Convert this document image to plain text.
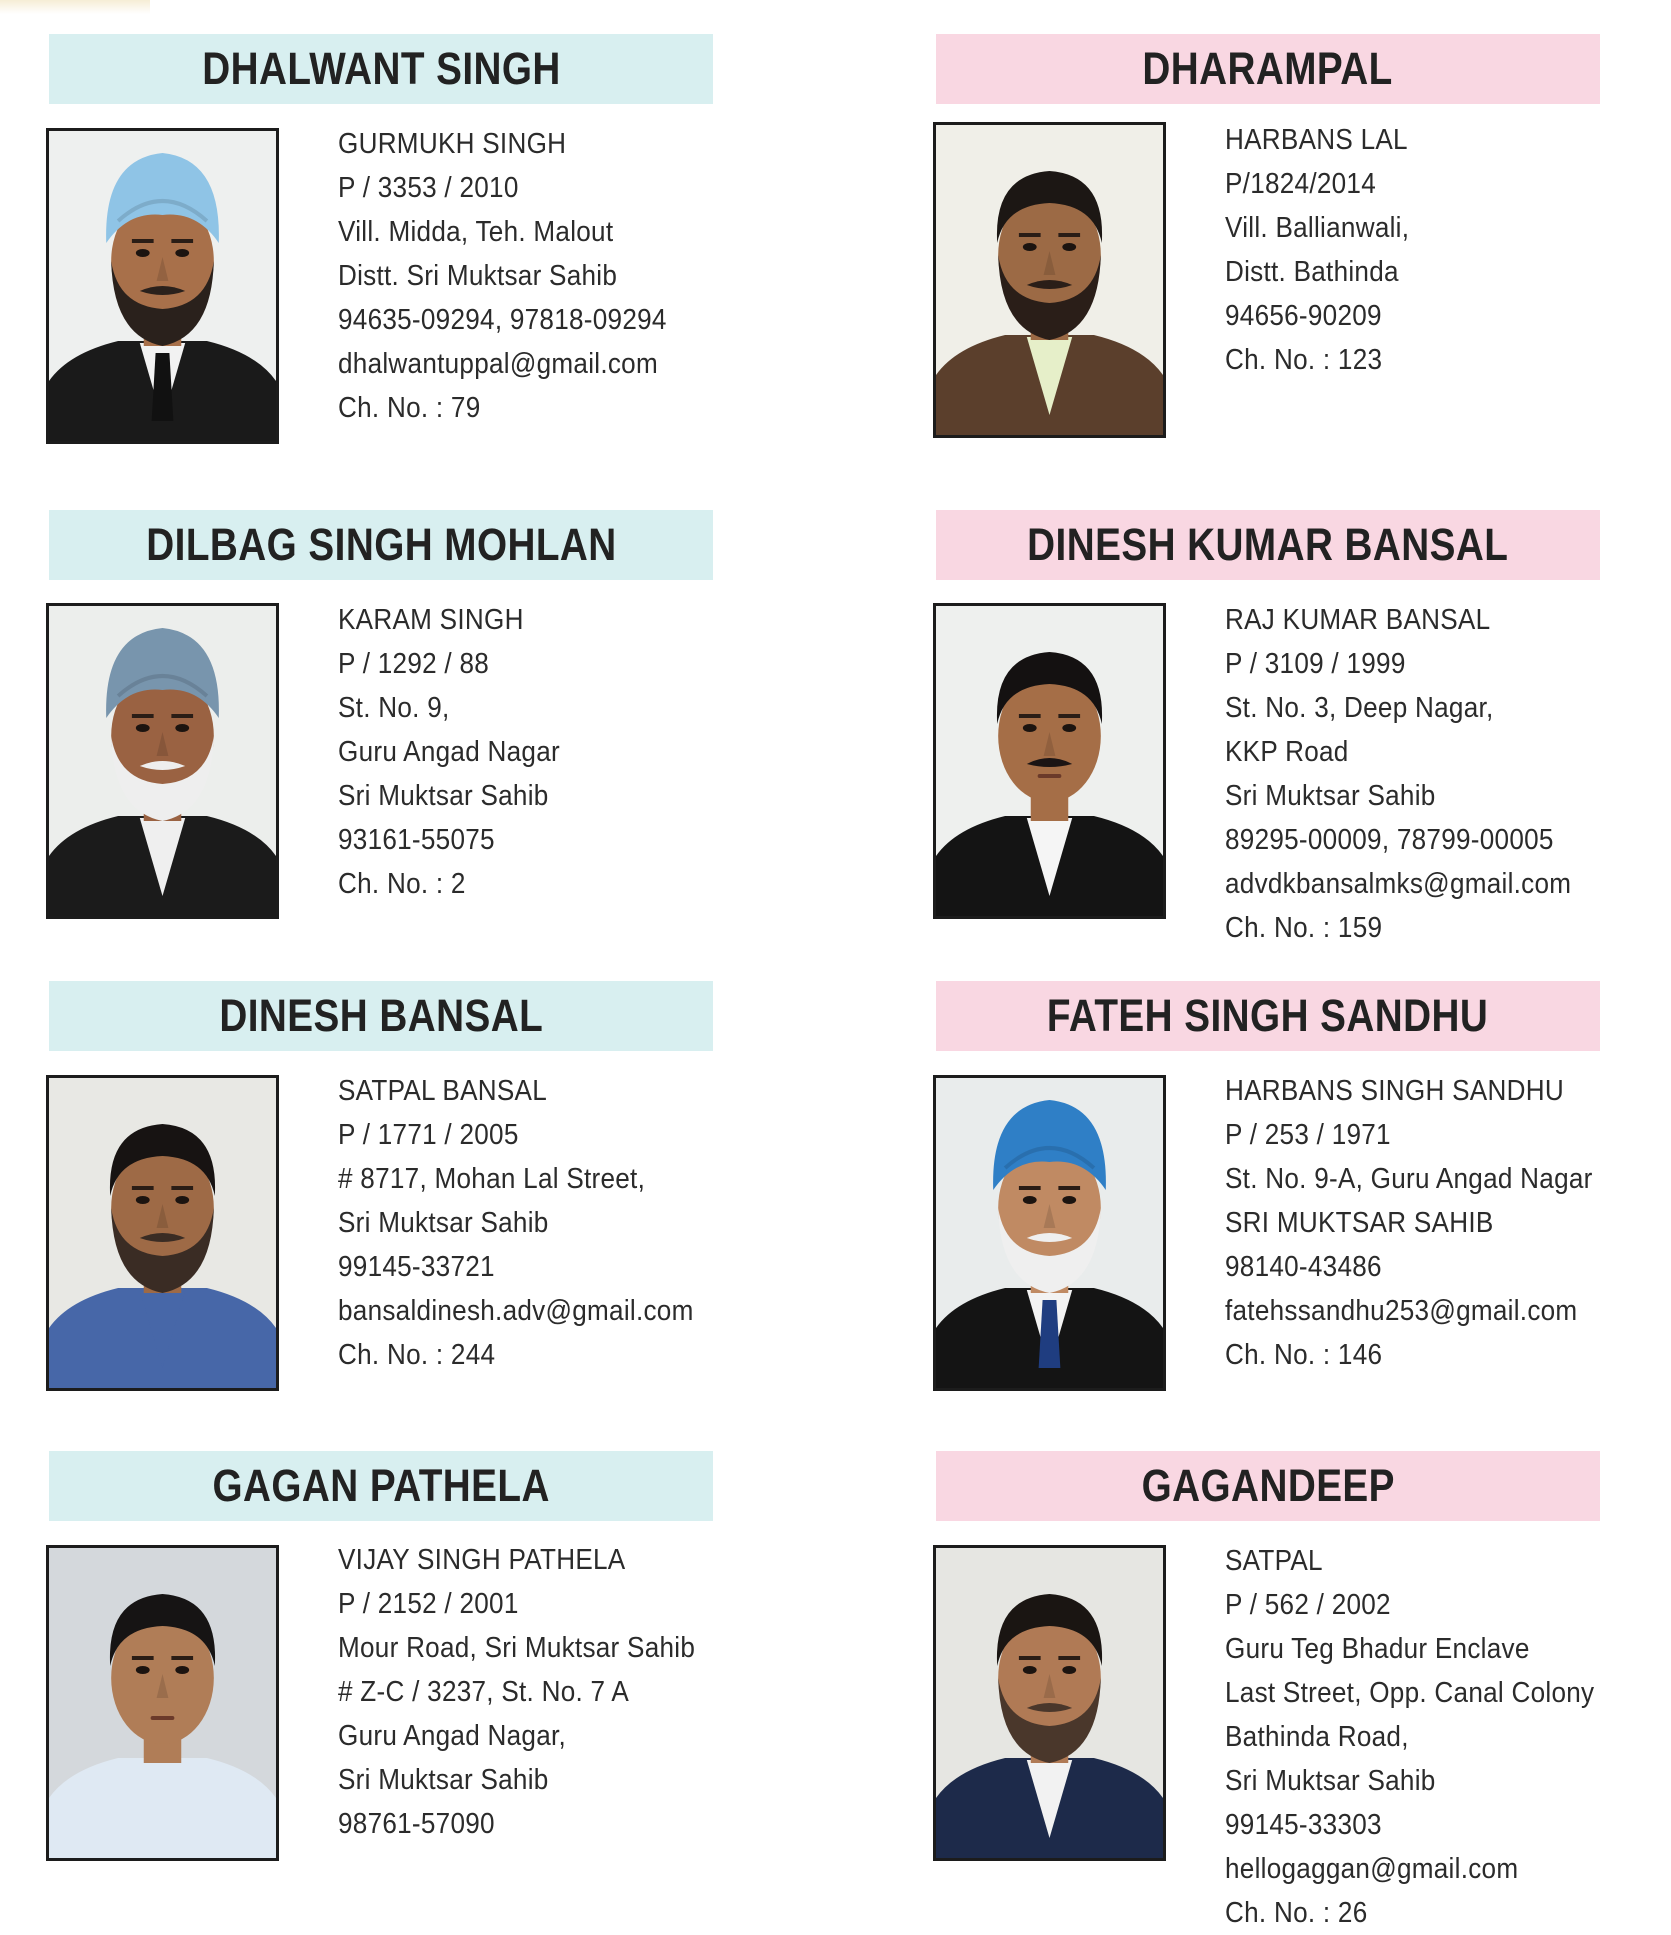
DHALWANT SINGH
GURMUKH SINGH
P / 3353 / 2010
Vill. Midda, Teh. Malout
Distt. Sri Muktsar Sahib
94635-09294, 97818-09294
dhalwantuppal@gmail.com
Ch. No. : 79
DHARAMPAL
HARBANS LAL
P/1824/2014
Vill. Ballianwali,
Distt. Bathinda
94656-90209
Ch. No. : 123
DILBAG SINGH MOHLAN
KARAM SINGH
P / 1292 / 88
St. No. 9,
Guru Angad Nagar
Sri Muktsar Sahib
93161-55075
Ch. No. : 2
DINESH KUMAR BANSAL
RAJ KUMAR BANSAL
P / 3109 / 1999
St. No. 3, Deep Nagar,
KKP Road
Sri Muktsar Sahib
89295-00009, 78799-00005
advdkbansalmks@gmail.com
Ch. No. : 159
DINESH BANSAL
SATPAL BANSAL
P / 1771 / 2005
# 8717, Mohan Lal Street,
Sri Muktsar Sahib
99145-33721
bansaldinesh.adv@gmail.com
Ch. No. : 244
FATEH SINGH SANDHU
HARBANS SINGH SANDHU
P / 253 / 1971
St. No. 9-A, Guru Angad Nagar
SRI MUKTSAR SAHIB
98140-43486
fatehssandhu253@gmail.com
Ch. No. : 146
GAGAN PATHELA
VIJAY SINGH PATHELA
P / 2152 / 2001
Mour Road, Sri Muktsar Sahib
# Z-C / 3237, St. No. 7 A
Guru Angad Nagar,
Sri Muktsar Sahib
98761-57090
GAGANDEEP
SATPAL
P / 562 / 2002
Guru Teg Bhadur Enclave
Last Street, Opp. Canal Colony
Bathinda Road,
Sri Muktsar Sahib
99145-33303
hellogaggan@gmail.com
Ch. No. : 26
